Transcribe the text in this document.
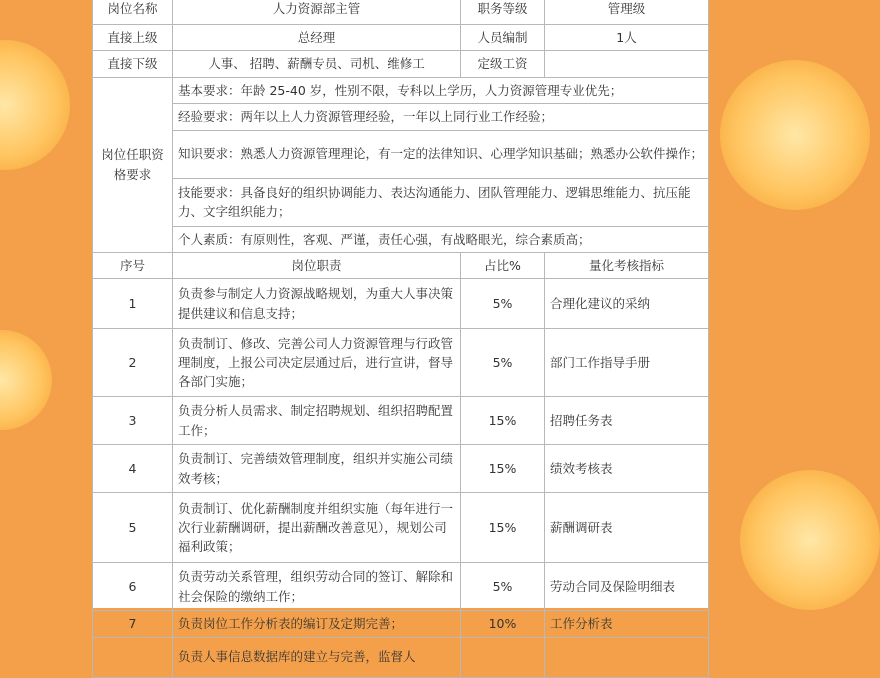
岗位名称	人力资源部主管	职务等级	管理级
直接上级	总经理	人员编制	1人
直接下级	人事、 招聘、薪酬专员、司机、维修工	定级工资	
岗位任职资格要求	基本要求：年龄 25-40 岁，性别不限，专科以上学历，人力资源管理专业优先；		
	经验要求：两年以上人力资源管理经验，一年以上同行业工作经验；		
	知识要求：熟悉人力资源管理理论，有一定的法律知识、心理学知识基础；熟悉办公软件操作；		
	技能要求：具备良好的组织协调能力、表达沟通能力、团队管理能力、逻辑思维能力、抗压能力、文字组织能力；		
	个人素质：有原则性，客观、严谨，责任心强，有战略眼光，综合素质高；		
序号	岗位职责	占比%	量化考核指标
1	负责参与制定人力资源战略规划，为重大人事决策提供建议和信息支持；	5%	合理化建议的采纳
2	负责制订、修改、完善公司人力资源管理与行政管理制度，上报公司决定层通过后，进行宣讲，督导各部门实施；	5%	部门工作指导手册
3	负责分析人员需求、制定招聘规划、组织招聘配置工作；	15%	招聘任务表
4	负责制订、完善绩效管理制度，组织并实施公司绩效考核；	15%	绩效考核表
5	负责制订、优化薪酬制度并组织实施（每年进行一次行业薪酬调研，提出薪酬改善意见），规划公司福利政策；	15%	薪酬调研表
6	负责劳动关系管理，组织劳动合同的签订、解除和社会保险的缴纳工作；	5%	劳动合同及保险明细表
7	负责岗位工作分析表的编订及定期完善；	10%	工作分析表
	负责人事信息数据库的建立与完善，监督人		
